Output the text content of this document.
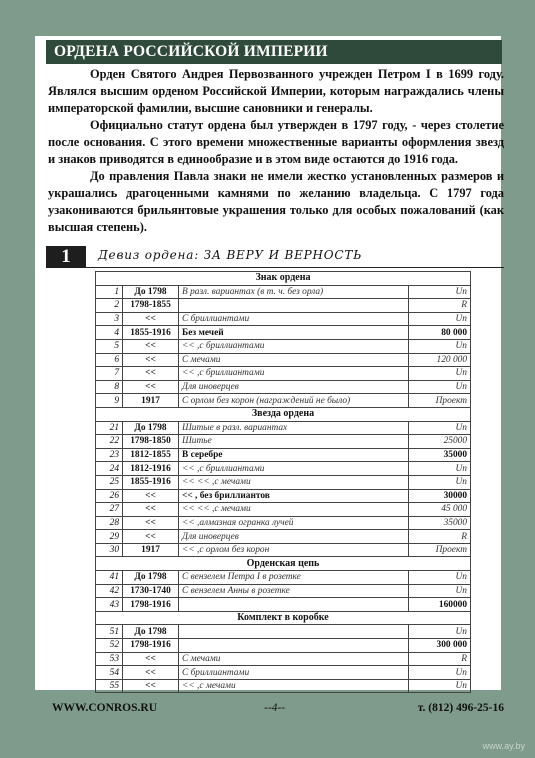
ОРДЕНА РОССИЙСКОЙ ИМПЕРИИ

Орден Святого Андрея Первозванного учрежден Петром I в 1699 году. Являлся высшим орденом Российской Империи, которым награждались члены императорской фамилии, высшие сановники и генералы.

Официально статут ордена был утвержден в 1797 году, - через столетие после основания. С этого времени множественные варианты оформления звезд и знаков приводятся в единообразие и в этом виде остаются до 1916 года.

До правления Павла знаки не имели жестко установленных размеров и украшались драгоценными камнями по желанию владельца. С 1797 года узакониваются брильянтовые украшения только для особых пожалований (как высшая степень).

1	Девиз ордена: ЗА ВЕРУ И ВЕРНОСТЬ
Знак ордена			
1	До 1798	В разл. вариантах (в т. ч. без орла)	Un
2	1798-1855		R
3	<<	С бриллиантами	Un
4	1855-1916	Без мечей	80 000
5	<<	<< ,с бриллиантами	Un
6	<<	С мечами	120 000
7	<<	<< ,с бриллиантами	Un
8	<<	Для иноверцев	Un
9	1917	С орлом без корон (награждений не было)	Проект
Звезда ордена			
21	До 1798	Шитые в разл. вариантах	Un
22	1798-1850	Шитье	25000
23	1812-1855	В серебре	35000
24	1812-1916	<< ,с бриллиантами	Un
25	1855-1916	<< << ,с мечами	Un
26	<<	<< , без бриллиантов	30000
27	<<	<< << ,с мечами	45 000
28	<<	<< ,алмазная огранка лучей	35000
29	<<	Для иноверцев	R
30	1917	<< ,с орлом без корон	Проект
Орденская цепь			
41	До 1798	С вензелем Петра I в розетке	Un
42	1730-1740	С вензелем Анны в розетке	Un
43	1798-1916		160000
Комплект в коробке			
51	До 1798		Un
52	1798-1916		300 000
53	<<	С мечами	R
54	<<	С бриллиантами	Un
55	<<	<< ,с мечами	Un
WWW.CONROS.RU	--4--	т. (812) 496-25-16
www.ay.by
